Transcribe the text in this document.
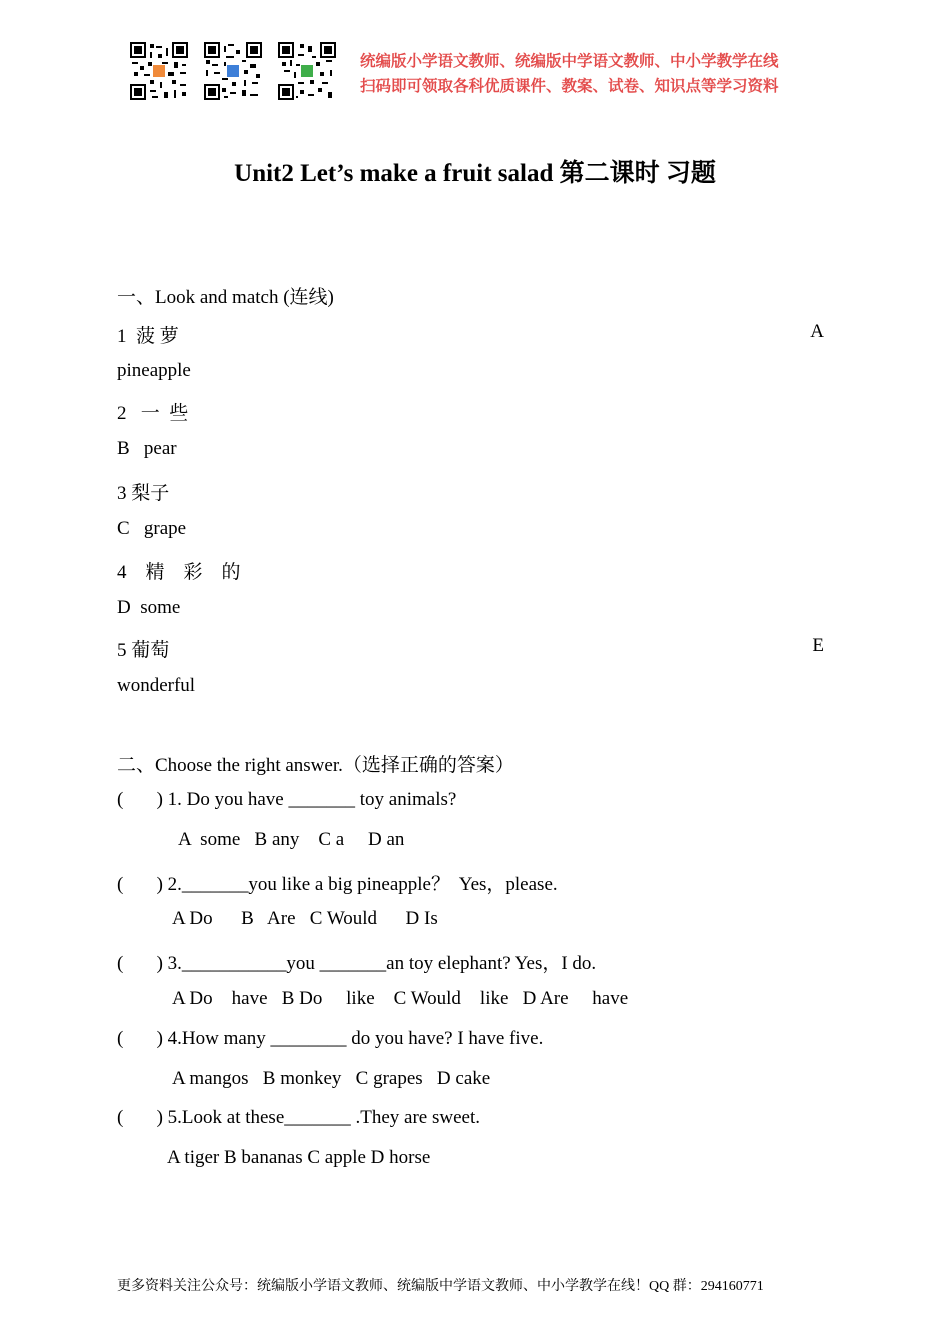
统编版小学语文教师、统编版中学语文教师、中小学教学在线
扫码即可领取各科优质课件、教案、试卷、知识点等学习资料
Unit2 Let’s make a fruit salad 第二课时 习题
一、Look and match (连线)
1  菠 萝	A
pineapple
2   一  些
B   pear
3 梨子
C   grape
4    精    彩    的
D  some
5 葡萄	E
wonderful
二、Choose the right answer.（选择正确的答案）
(       ) 1. Do you have _______ toy animals?
A  some   B any    C a     D an
(       ) 2._______you like a big pineapple？  Yes，please.
A Do      B   Are   C Would      D Is
(       ) 3.___________you _______an toy elephant? Yes，I do.
A Do    have   B Do     like    C Would    like   D Are     have
(       ) 4.How many ________ do you have? I have five.
A mangos   B monkey   C grapes   D cake
(       ) 5.Look at these_______ .They are sweet.
A tiger B bananas C apple D horse
更多资料关注公众号：统编版小学语文教师、统编版中学语文教师、中小学教学在线！QQ 群：294160771
